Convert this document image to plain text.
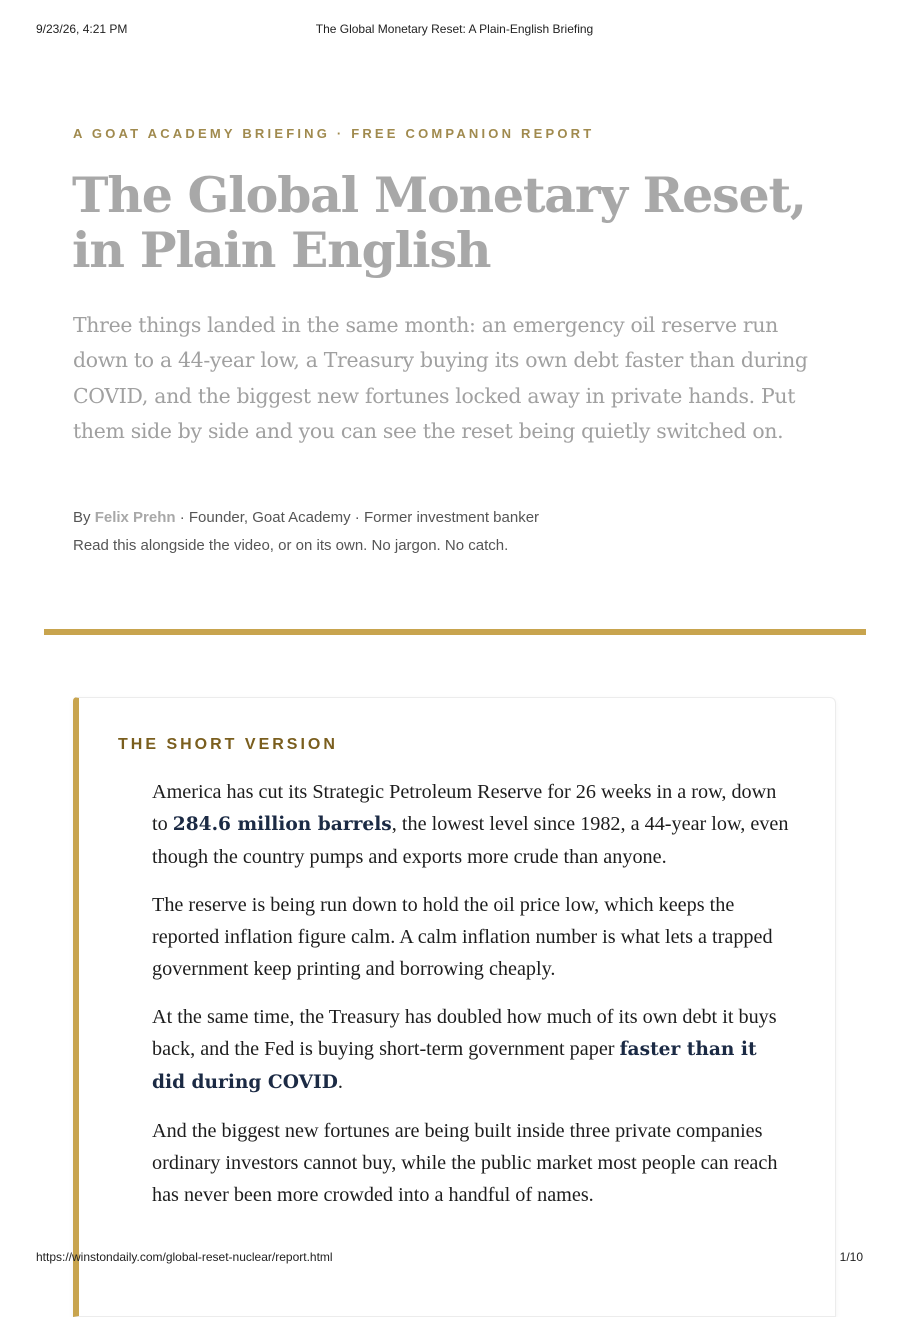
9/23/26, 4:21 PM	The Global Monetary Reset: A Plain-English Briefing
A GOAT ACADEMY BRIEFING · FREE COMPANION REPORT
The Global Monetary Reset,
in Plain English

Three things landed in the same month: an emergency oil reserve run down to a 44-year low, a Treasury buying its own debt faster than during COVID, and the biggest new fortunes locked away in private hands. Put them side by side and you can see the reset being quietly switched on.

By Felix Prehn · Founder, Goat Academy · Former investment banker
Read this alongside the video, or on its own. No jargon. No catch.
THE SHORT VERSION

America has cut its Strategic Petroleum Reserve for 26 weeks in a row, down to 284.6 million barrels, the lowest level since 1982, a 44-year low, even though the country pumps and exports more crude than anyone.

The reserve is being run down to hold the oil price low, which keeps the reported inflation figure calm. A calm inflation number is what lets a trapped government keep printing and borrowing cheaply.

At the same time, the Treasury has doubled how much of its own debt it buys back, and the Fed is buying short-term government paper faster than it did during COVID.

And the biggest new fortunes are being built inside three private companies ordinary investors cannot buy, while the public market most people can reach has never been more crowded into a handful of names.

https://winstondaily.com/global-reset-nuclear/report.html	1/10
